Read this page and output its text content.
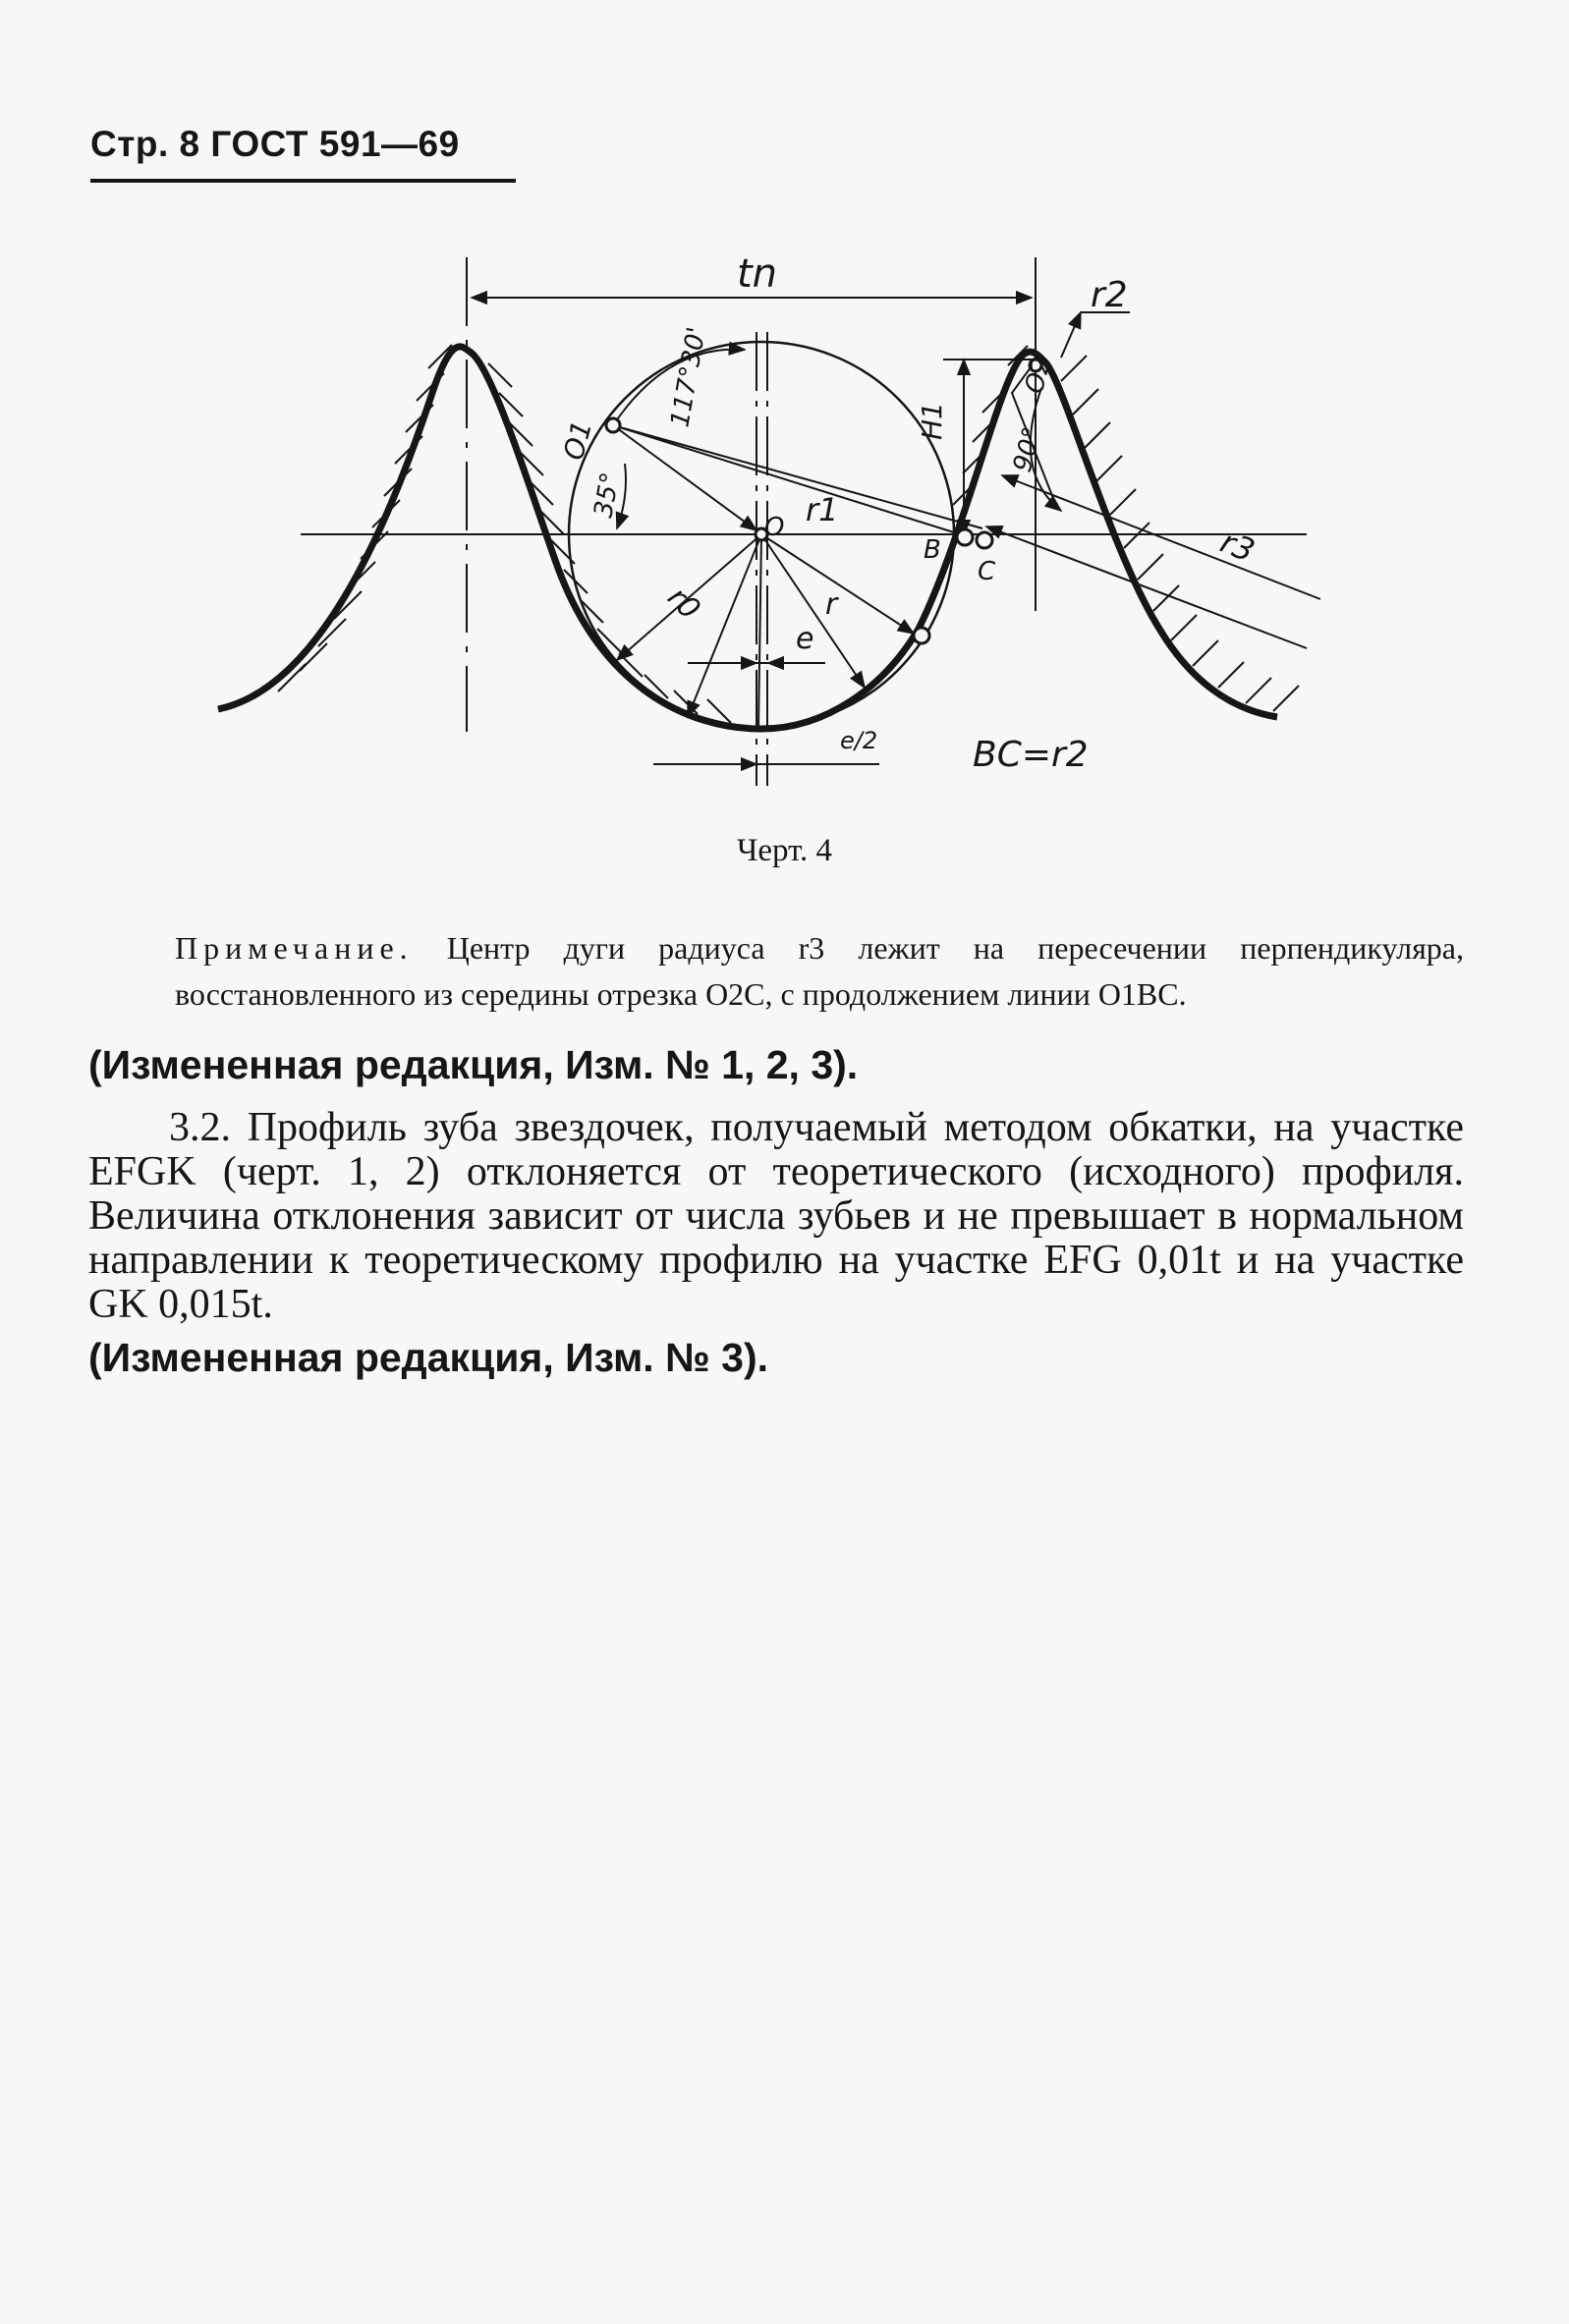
Стр. 8 ГОСТ 591—69
tn	r2
O1
117°30'
35°
O r1
r0	r
e
e/2
B
C
H1
O2
90°
r3
BC=r2
Черт. 4
Примечание. Центр дуги радиуса r3 лежит на пересечении перпендикуляра, восстановленного из середины отрезка O2C, с продолжением линии O1BC.
(Измененная редакция, Изм. № 1, 2, 3).
3.2. Профиль зуба звездочек, получаемый методом обкатки, на участке EFGK (черт. 1, 2) отклоняется от теоретического (исходного) профиля. Величина отклонения зависит от числа зубьев и не превышает в нормальном направлении к теоретическому профилю на участке EFG 0,01t и на участке GK 0,015t.
(Измененная редакция, Изм. № 3).
